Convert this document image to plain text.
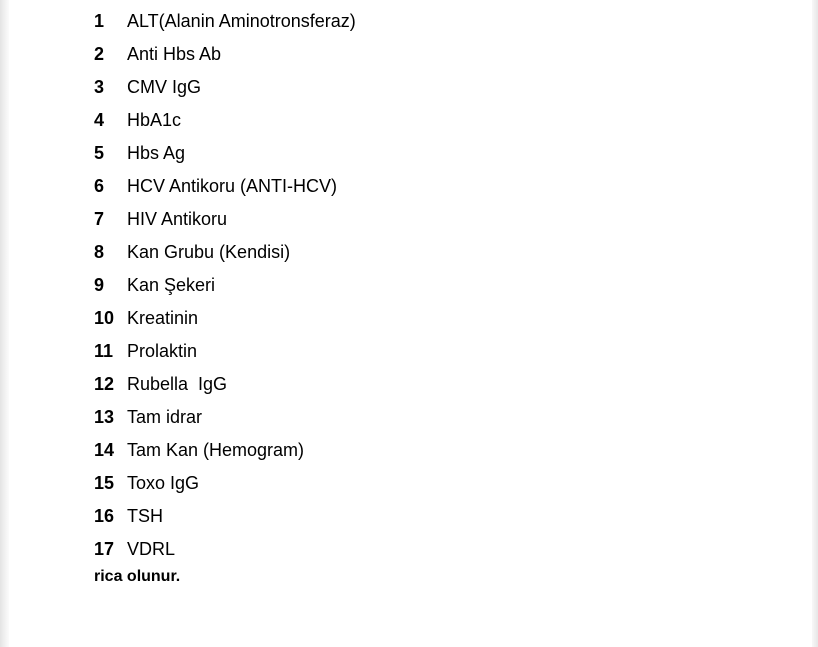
1	ALT(Alanin Aminotronsferaz)
2	Anti Hbs Ab
3	CMV IgG
4	HbA1c
5	Hbs Ag
6	HCV Antikoru (ANTI-HCV)
7	HIV Antikoru
8	Kan Grubu (Kendisi)
9	Kan Şekeri
10 Kreatinin
11 Prolaktin
12 Rubella  IgG
13 Tam idrar
14 Tam Kan (Hemogram)
15 Toxo IgG
16 TSH
17 VDRL
rica olunur.
